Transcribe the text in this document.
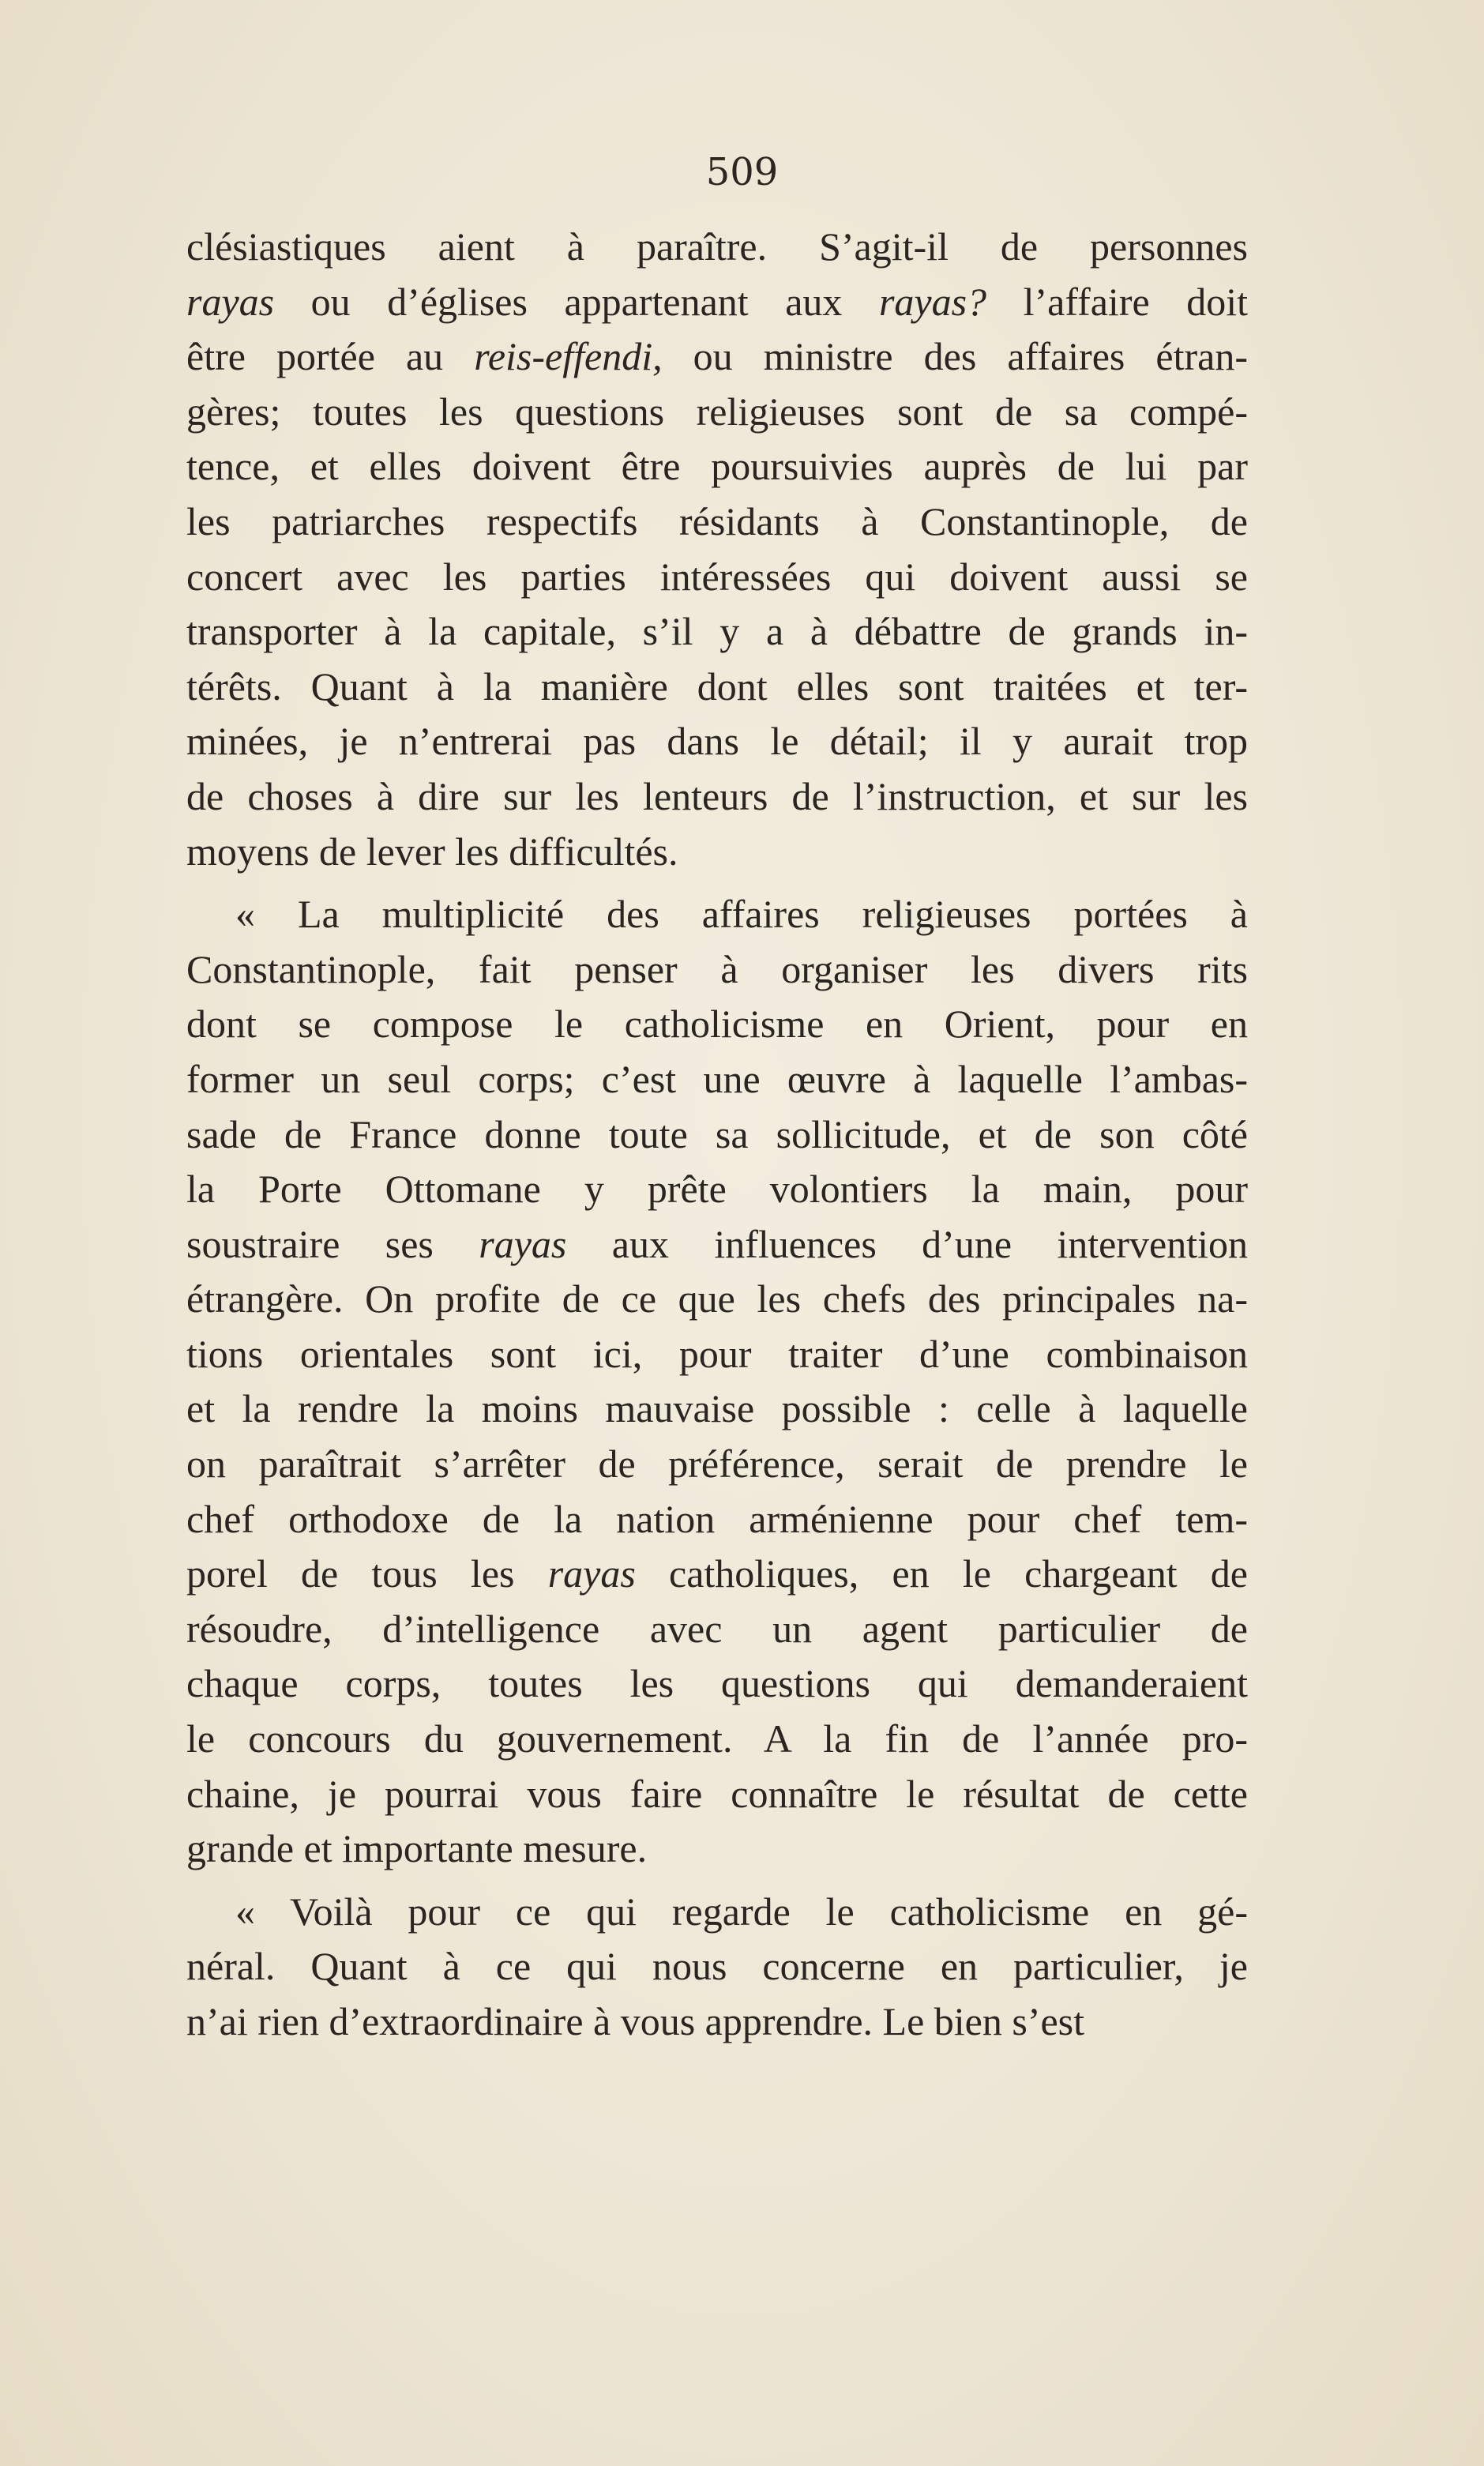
509
clésiastiques aient à paraître. S’agit-il de personnes
rayas ou d’églises appartenant aux rayas? l’affaire doit
être portée au reis-effendi, ou ministre des affaires étran-
gères; toutes les questions religieuses sont de sa compé-
tence, et elles doivent être poursuivies auprès de lui par
les patriarches respectifs résidants à Constantinople, de
concert avec les parties intéressées qui doivent aussi se
transporter à la capitale, s’il y a à débattre de grands in-
térêts. Quant à la manière dont elles sont traitées et ter-
minées, je n’entrerai pas dans le détail; il y aurait trop
de choses à dire sur les lenteurs de l’instruction, et sur les
moyens de lever les difficultés.
« La multiplicité des affaires religieuses portées à
Constantinople, fait penser à organiser les divers rits
dont se compose le catholicisme en Orient, pour en
former un seul corps; c’est une œuvre à laquelle l’ambas-
sade de France donne toute sa sollicitude, et de son côté
la Porte Ottomane y prête volontiers la main, pour
soustraire ses rayas aux influences d’une intervention
étrangère. On profite de ce que les chefs des principales na-
tions orientales sont ici, pour traiter d’une combinaison
et la rendre la moins mauvaise possible : celle à laquelle
on paraîtrait s’arrêter de préférence, serait de prendre le
chef orthodoxe de la nation arménienne pour chef tem-
porel de tous les rayas catholiques, en le chargeant de
résoudre, d’intelligence avec un agent particulier de
chaque corps, toutes les questions qui demanderaient
le concours du gouvernement. A la fin de l’année pro-
chaine, je pourrai vous faire connaître le résultat de cette
grande et importante mesure.
« Voilà pour ce qui regarde le catholicisme en gé-
néral. Quant à ce qui nous concerne en particulier, je
n’ai rien d’extraordinaire à vous apprendre. Le bien s’est
